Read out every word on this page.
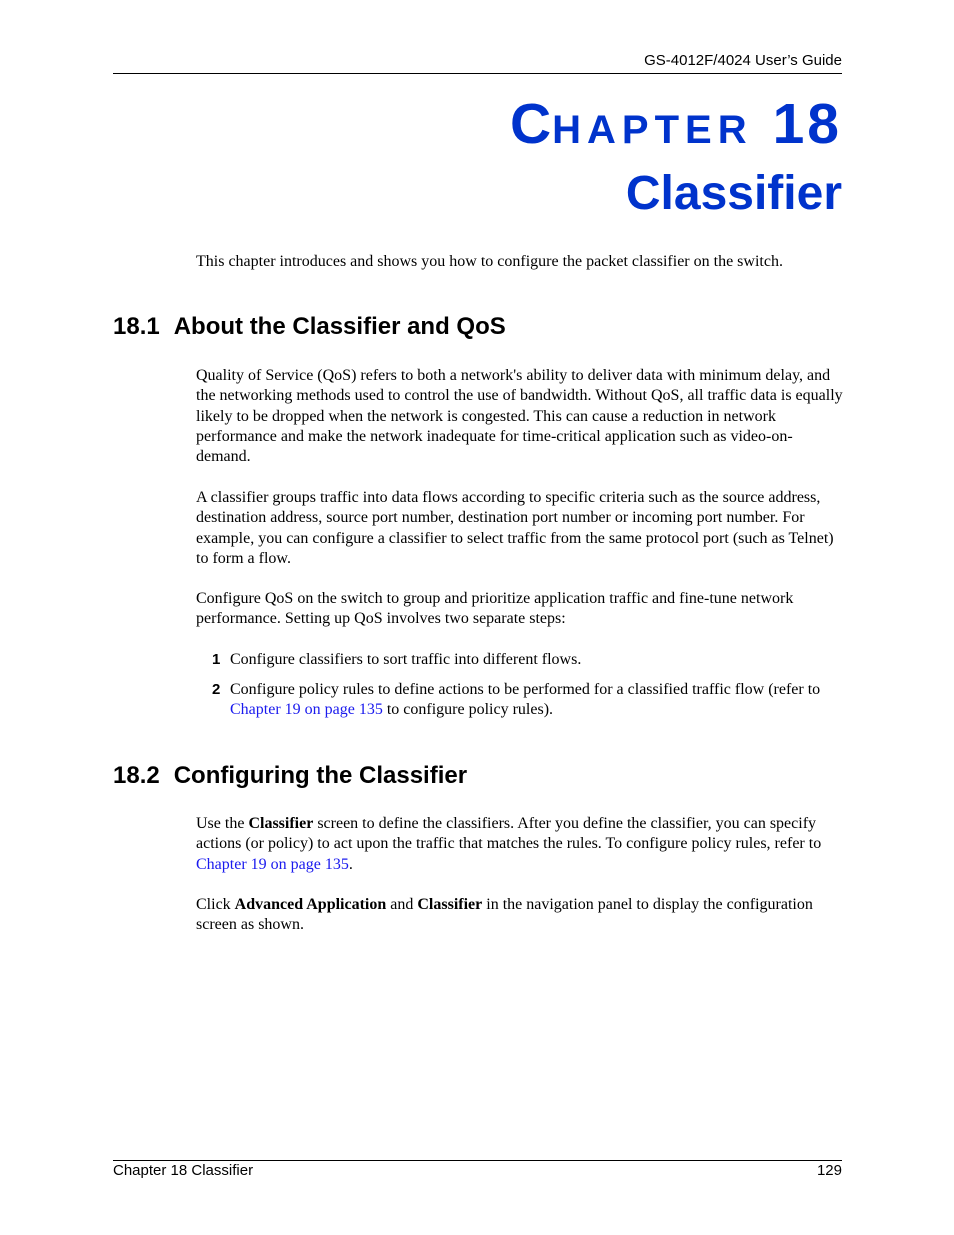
GS-4012F/4024 User’s Guide
CHAPTER 18
Classifier
This chapter introduces and shows you how to configure the packet classifier on the switch.
18.1 About the Classifier and QoS
Quality of Service (QoS) refers to both a network's ability to deliver data with minimum delay, and the networking methods used to control the use of bandwidth. Without QoS, all traffic data is equally likely to be dropped when the network is congested. This can cause a reduction in network performance and make the network inadequate for time-critical application such as video-on-demand.
A classifier groups traffic into data flows according to specific criteria such as the source address, destination address, source port number, destination port number or incoming port number. For example, you can configure a classifier to select traffic from the same protocol port (such as Telnet) to form a flow.
Configure QoS on the switch to group and prioritize application traffic and fine-tune network performance. Setting up QoS involves two separate steps:
1 Configure classifiers to sort traffic into different flows.
2 Configure policy rules to define actions to be performed for a classified traffic flow (refer to Chapter 19 on page 135 to configure policy rules).
18.2 Configuring the Classifier
Use the Classifier screen to define the classifiers. After you define the classifier, you can specify actions (or policy) to act upon the traffic that matches the rules. To configure policy rules, refer to Chapter 19 on page 135.
Click Advanced Application and Classifier in the navigation panel to display the configuration screen as shown.
Chapter 18 Classifier	129
